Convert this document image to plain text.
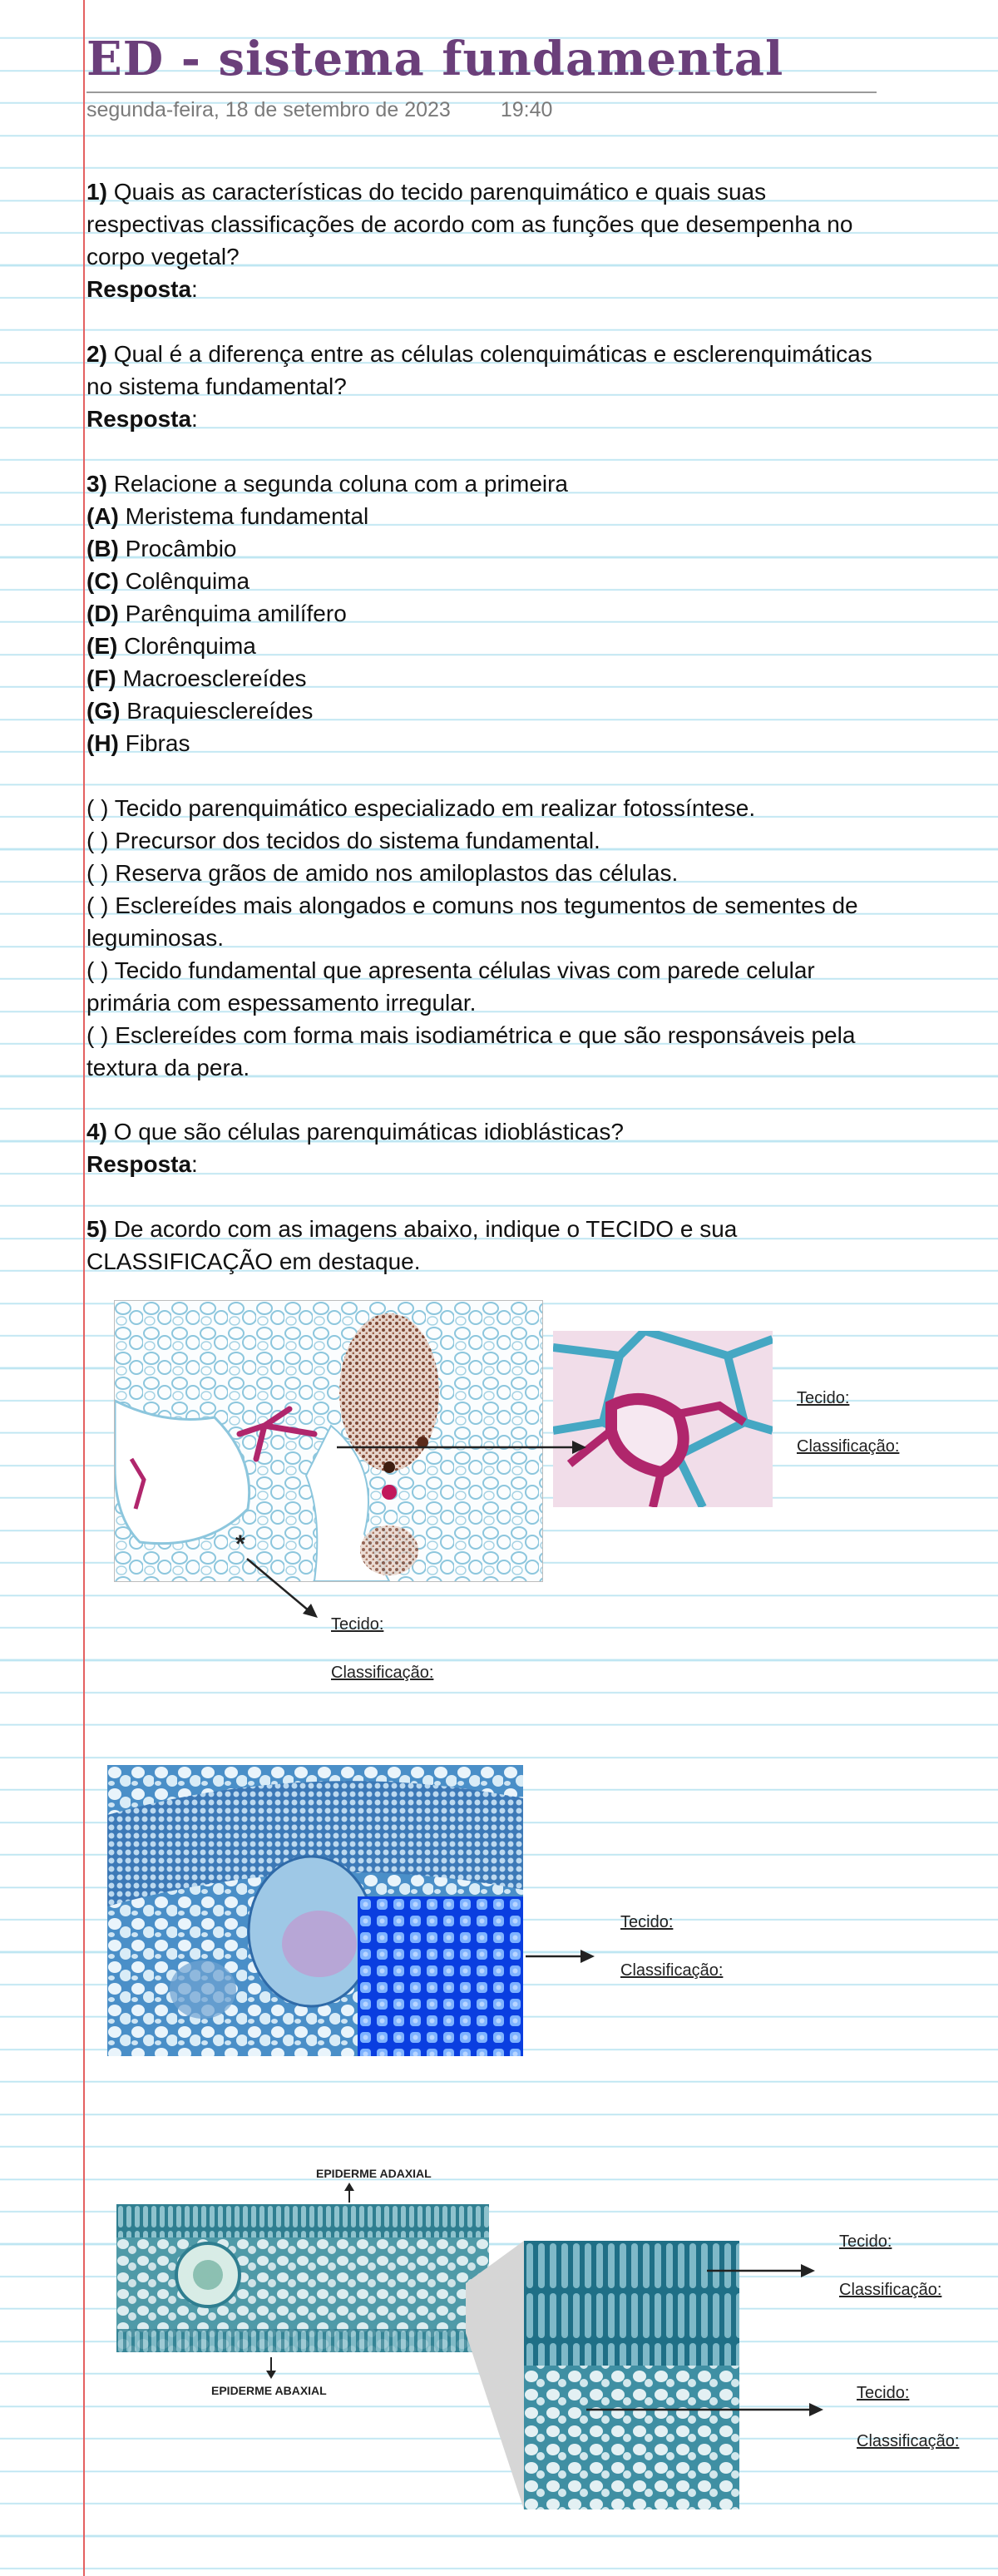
ED - sistema fundamental
segunda-feira, 18 de setembro de 2023 19:40
1) Quais as características do tecido parenquimático e quais suas respectivas classificações de acordo com as funções que desempenha no corpo vegetal?
Resposta:
2) Qual é a diferença entre as células colenquimáticas e esclerenquimáticas no sistema fundamental?
Resposta:
3) Relacione a segunda coluna com a primeira
(A) Meristema fundamental
(B) Procâmbio
(C) Colênquima
(D) Parênquima amilífero
(E) Clorênquima
(F) Macroesclereídes
(G) Braquiesclereídes
(H) Fibras
( ) Tecido parenquimático especializado em realizar fotossíntese.
( ) Precursor dos tecidos do sistema fundamental.
( ) Reserva grãos de amido nos amiloplastos das células.
( ) Esclereídes mais alongados e comuns nos tegumentos de sementes de leguminosas.
( ) Tecido fundamental que apresenta células vivas com parede celular primária com espessamento irregular.
( ) Esclereídes com forma mais isodiamétrica e que são responsáveis pela textura da pera.
4) O que são células parenquimáticas idioblásticas?
Resposta:
5) De acordo com as imagens abaixo, indique o TECIDO e sua CLASSIFICAÇÃO em destaque.
*
Tecido:
Classificação:
Tecido:
Classificação:
Tecido:
Classificação:
EPIDERME ADAXIAL
EPIDERME ABAXIAL
Tecido:
Classificação:
Tecido:
Classificação:
